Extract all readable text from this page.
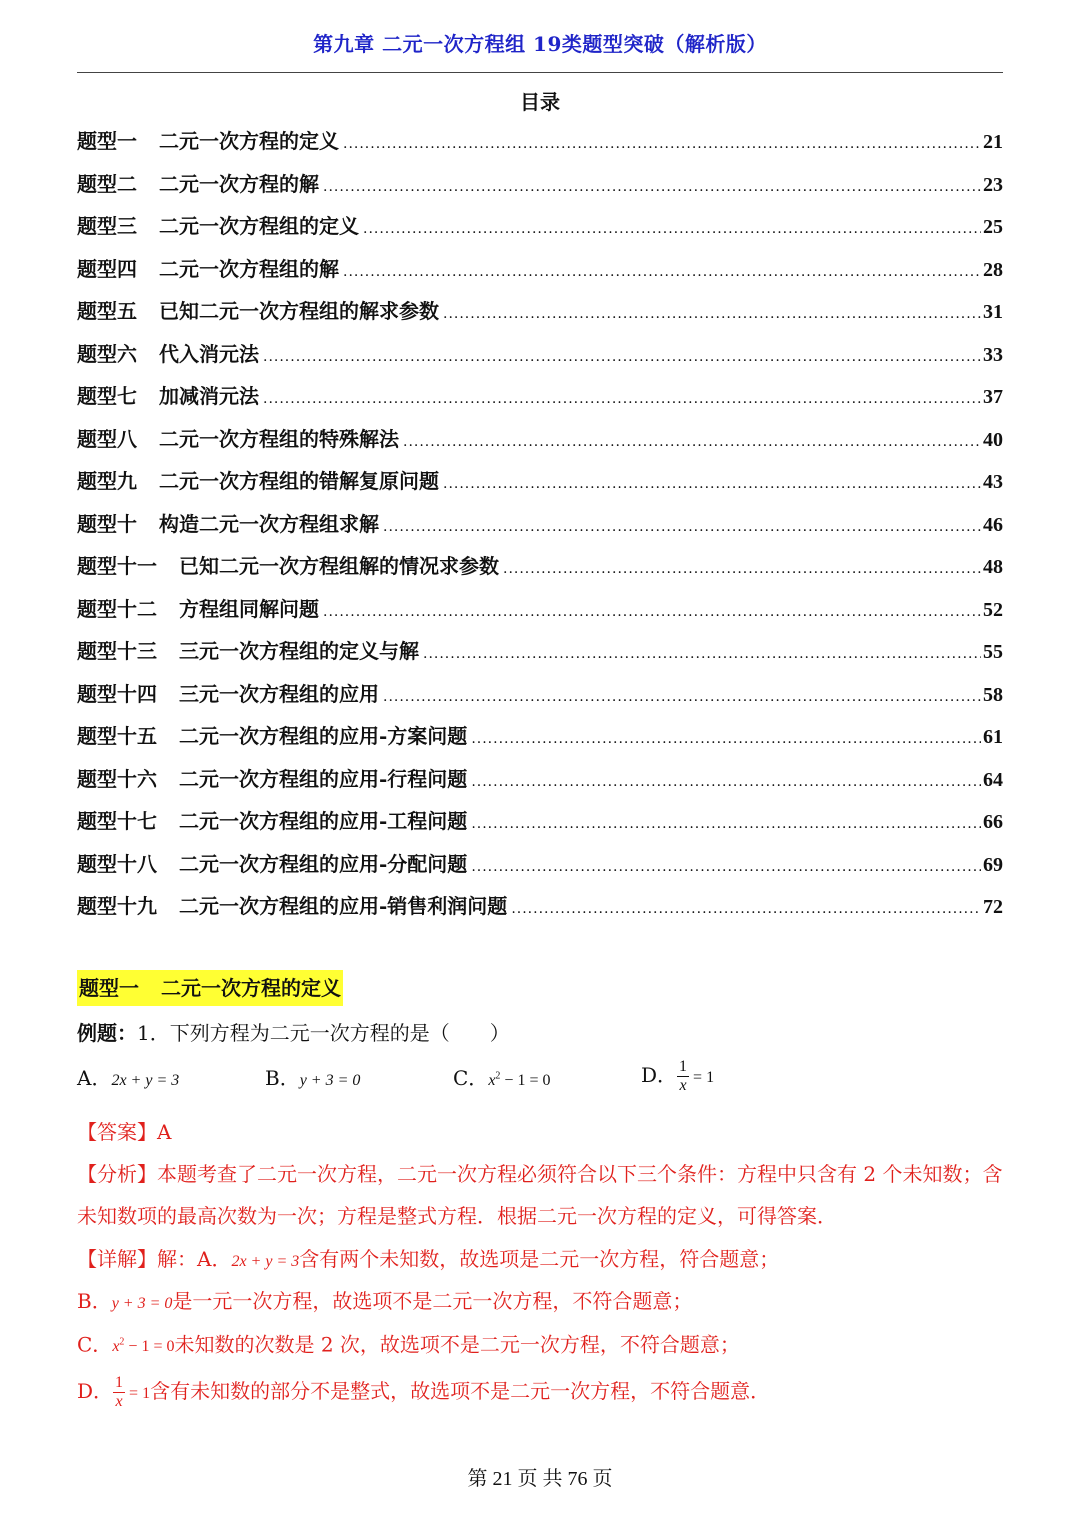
第九章 二元一次方程组 19类题型突破（解析版）
目录
题型一	二元一次方程的定义 .....	21
题型二	二元一次方程的解 .....	23
题型三	二元一次方程组的定义 .....	25
题型四	二元一次方程组的解 .....	28
题型五	已知二元一次方程组的解求参数 .....	31
题型六	代入消元法 .....	33
题型七	加减消元法 .....	37
题型八	二元一次方程组的特殊解法 .....	40
题型九	二元一次方程组的错解复原问题 .....	43
题型十	构造二元一次方程组求解 .....	46
题型十一	已知二元一次方程组解的情况求参数 .....	48
题型十二	方程组同解问题 .....	52
题型十三	三元一次方程组的定义与解 .....	55
题型十四	三元一次方程组的应用 .....	58
题型十五	二元一次方程组的应用-方案问题 .....	61
题型十六	二元一次方程组的应用-行程问题 .....	64
题型十七	二元一次方程组的应用-工程问题 .....	66
题型十八	二元一次方程组的应用-分配问题 .....	69
题型十九	二元一次方程组的应用-销售利润问题 .....	72
题型一 二元一次方程的定义
例题：1．下列方程为二元一次方程的是（　　）
A．2x + y = 3	B．y + 3 = 0	C．$x^2 - 1 = 0$	D． $\frac{1}{x} = 1$
【答案】A
【分析】本题考查了二元一次方程，二元一次方程必须符合以下三个条件：方程中只含有 2 个未知数；含未知数项的最高次数为一次；方程是整式方程．根据二元一次方程的定义，可得答案．
【详解】解：A．2x + y = 3含有两个未知数，故选项是二元一次方程，符合题意；
B．y + 3 = 0是一元一次方程，故选项不是二元一次方程，不符合题意；
C．$x^2 - 1 = 0$未知数的次数是 2 次，故选项不是二元一次方程，不符合题意；
D． $\frac{1}{x} = 1$含有未知数的部分不是整式，故选项不是二元一次方程，不符合题意．
第 21 页 共 76 页
